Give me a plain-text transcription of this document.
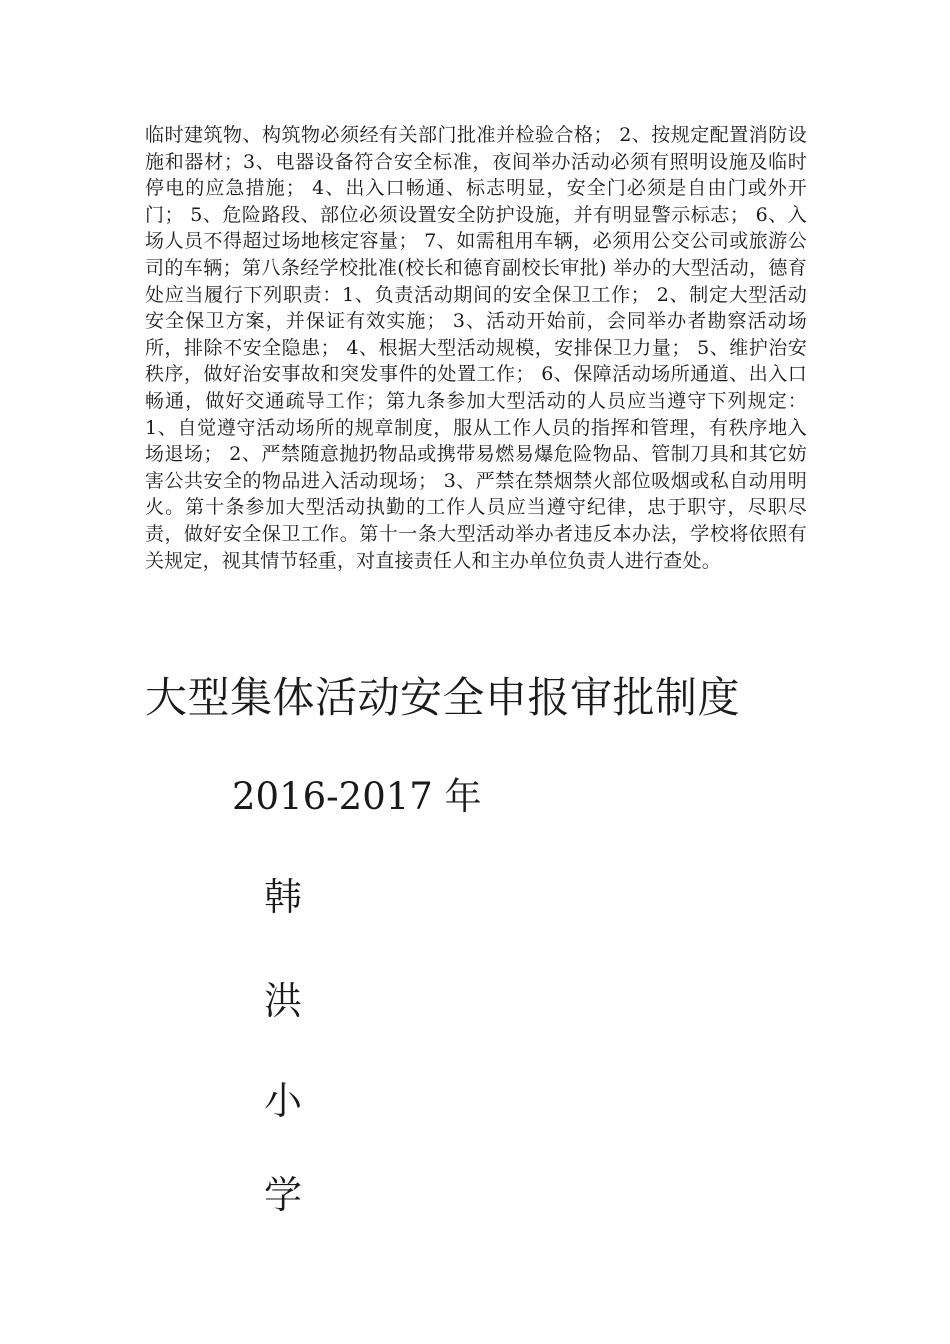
临时建筑物、构筑物必须经有关部门批准并检验合格； 2、按规定配置消防设施和器材；3、电器设备符合安全标准，夜间举办活动必须有照明设施及临时停电的应急措施； 4、出入口畅通、标志明显，安全门必须是自由门或外开门； 5、危险路段、部位必须设置安全防护设施，并有明显警示标志； 6、入场人员不得超过场地核定容量； 7、如需租用车辆，必须用公交公司或旅游公司的车辆；第八条经学校批准(校长和德育副校长审批) 举办的大型活动，德育处应当履行下列职责：1、负责活动期间的安全保卫工作； 2、制定大型活动安全保卫方案，并保证有效实施； 3、活动开始前，会同举办者勘察活动场所，排除不安全隐患； 4、根据大型活动规模，安排保卫力量； 5、维护治安秩序，做好治安事故和突发事件的处置工作； 6、保障活动场所通道、出入口畅通，做好交通疏导工作；第九条参加大型活动的人员应当遵守下列规定： 1、自觉遵守活动场所的规章制度，服从工作人员的指挥和管理，有秩序地入场退场； 2、严禁随意抛扔物品或携带易燃易爆危险物品、管制刀具和其它妨害公共安全的物品进入活动现场； 3、严禁在禁烟禁火部位吸烟或私自动用明火。第十条参加大型活动执勤的工作人员应当遵守纪律，忠于职守，尽职尽责，做好安全保卫工作。第十一条大型活动举办者违反本办法，学校将依照有关规定，视其情节轻重，对直接责任人和主办单位负责人进行查处。

大型集体活动安全申报审批制度
2016-2017 年
韩
洪
小
学
